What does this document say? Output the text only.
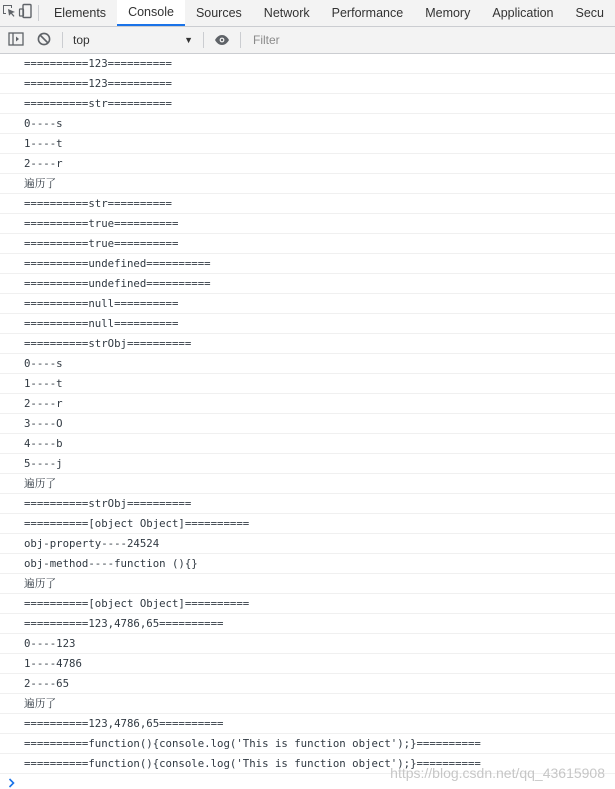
Elements	Console	Sources	Network	Performance	Memory	Application	Secu
top	▼
Filter
==========123==========
==========123==========
==========str==========
0----s
1----t
2----r
遍历了
==========str==========
==========true==========
==========true==========
==========undefined==========
==========undefined==========
==========null==========
==========null==========
==========strObj==========
0----s
1----t
2----r
3----O
4----b
5----j
遍历了
==========strObj==========
==========[object Object]==========
obj-property----24524
obj-method----function (){}
遍历了
==========[object Object]==========
==========123,4786,65==========
0----123
1----4786
2----65
遍历了
==========123,4786,65==========
==========function(){console.log('This is function object');}==========
==========function(){console.log('This is function object');}==========
https://blog.csdn.net/qq_43615908
